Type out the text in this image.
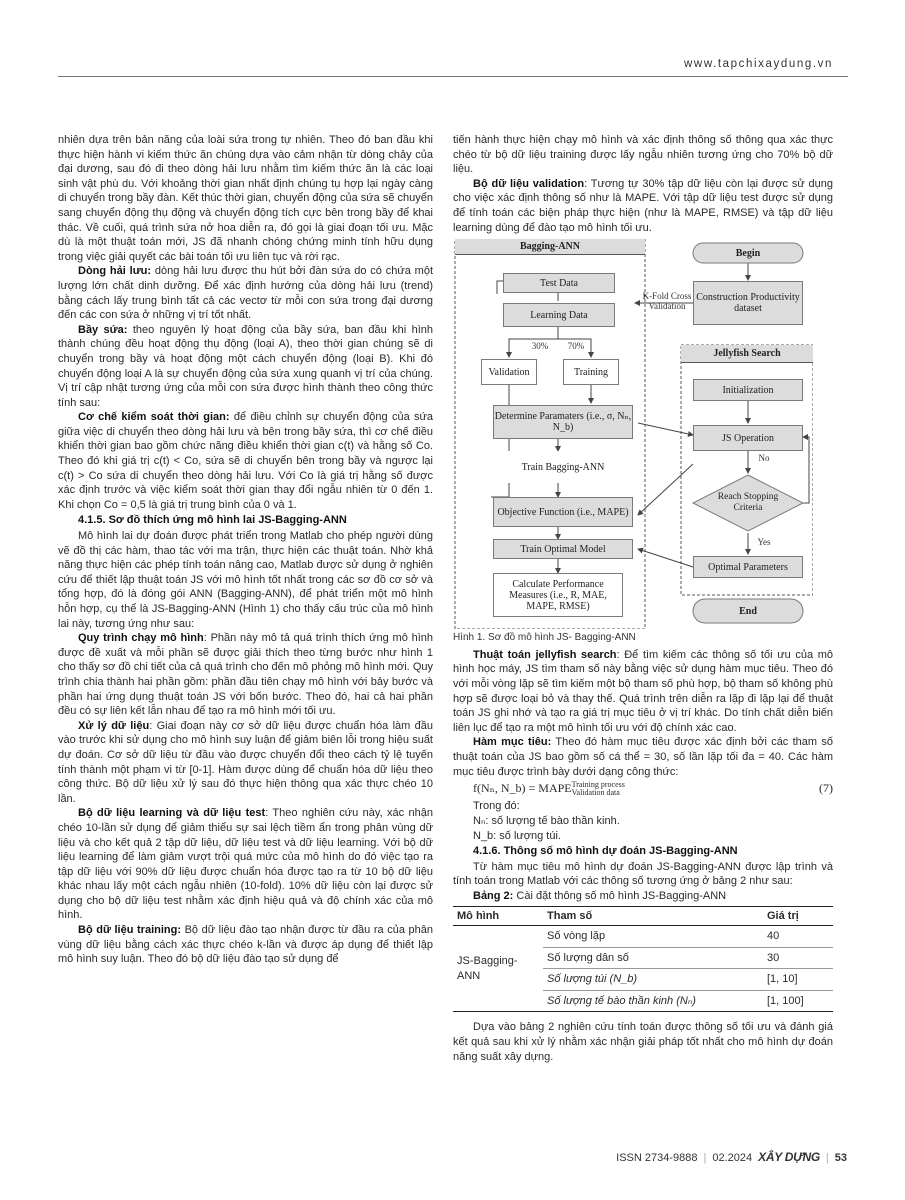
www.tapchixaydung.vn

nhiên dựa trên bản năng của loài sứa trong tự nhiên. Theo đó ban đầu khi thực hiện hành vi kiếm thức ăn chúng dựa vào cảm nhận từ dòng chảy của đại dương, sau đó đi theo dòng hải lưu nhằm tìm kiếm thức ăn là các loại sinh vật phù du. Với khoảng thời gian nhất định chúng tụ hợp lại ngày càng di chuyển trong bầy đàn. Kết thúc thời gian, chuyển động của sứa sẽ chuyển sang chuyển động thụ động và chuyển động tích cực bên trong bầy để khai thác. Về cuối, quá trình sứa nở hoa diễn ra, đó gọi là giai đoạn tối ưu. Mặc dù là một thuật toán mới, JS đã nhanh chóng chứng minh tính hữu dụng trong việc giải quyết các bài toán tối ưu liên tục và rời rạc.

Dòng hải lưu: dòng hải lưu được thu hút bởi đàn sứa do có chứa một lượng lớn chất dinh dưỡng. Để xác định hướng của dòng hải lưu (trend) bằng cách lấy trung bình tất cả các vectơ từ mỗi con sứa trong đại dương đến các con sứa ở những vị trí tốt nhất.

Bầy sứa: theo nguyên lý hoạt động của bầy sứa, ban đầu khi hình thành chúng đều hoạt động thụ động (loại A), theo thời gian chúng sẽ di chuyển trong bầy và hoạt động một cách chuyển động (loại B). Khi đó chuyển động loại A là sự chuyển động của sứa xung quanh vị trí của chúng. Vị trí cập nhật tương ứng của mỗi con sứa được hình thành theo công thức tính sau:

Cơ chế kiểm soát thời gian: để điều chỉnh sự chuyển động của sứa giữa việc di chuyển theo dòng hải lưu và bên trong bầy sứa, thì cơ chế điều khiển thời gian bao gồm chức năng điều khiển thời gian c(t) và hằng số Co. Theo đó khi giá trị c(t) < Co, sứa sẽ di chuyển bên trong bầy và ngược lại c(t) > Co sứa di chuyển theo dòng hải lưu. Với Co là giá trị hằng số được xác định trước và việc kiểm soát thời gian thay đổi ngẫu nhiên từ 0 đến 1. Khi chọn Co = 0,5 là giá trị trung bình của 0 và 1.

4.1.5. Sơ đồ thích ứng mô hình lai JS-Bagging-ANN

Mô hình lai dự đoán được phát triển trong Matlab cho phép người dùng vẽ đồ thị các hàm, thao tác với ma trận, thực hiện các thuật toán. Nhờ khả năng thực hiện các phép tính toán nâng cao, Matlab được sử dụng ở nghiên cứu để thiết lập thuật toán JS với mô hình tốt nhất trong các sơ đồ cơ sở và tổng hợp, đó là đóng gói ANN (Bagging-ANN), để phát triển một mô hình hỗn hợp, cụ thể là JS-Bagging-ANN (Hình 1) cho thấy cấu trúc của mô hình lai này, tương ứng như sau:

Quy trình chạy mô hình: Phần này mô tả quá trình thích ứng mô hình được đề xuất và mỗi phần sẽ được giải thích theo từng bước như hình 1 cho thấy sơ đồ chi tiết của cả quá trình cho đến mô phỏng mô hình mới. Quy trình chia thành hai phần gồm: phần đầu tiên chạy mô hình với bảy bước và phần hai ứng dụng thuật toán JS với bốn bước. Theo đó, hai cả hai phần đều có sự liên kết lẫn nhau để tạo ra mô hình mới tối ưu.

Xử lý dữ liệu: Giai đoạn này cơ sở dữ liệu được chuẩn hóa làm đầu vào trước khi sử dụng cho mô hình suy luận để giảm biên lỗi trong hiệu suất dự đoán. Cơ sở dữ liệu từ đầu vào được chuyển đổi theo cách tỷ lệ tuyến tính thành một phạm vi từ [0-1]. Hàm được dùng để chuẩn hóa dữ liệu theo công thức. Bộ dữ liệu xử lý sau đó thực hiện thông qua xác thực chéo 10 lần.

Bộ dữ liệu learning và dữ liệu test: Theo nghiên cứu này, xác nhận chéo 10-lần sử dụng để giảm thiểu sự sai lệch tiềm ẩn trong phân vùng dữ liệu và cho kết quả 2 tập dữ liệu, dữ liệu test và dữ liệu learning. Với bộ dữ liệu learning để làm giảm vượt trội quá mức của mô hình do đó việc tạo ra tập dữ liệu với 90% dữ liệu được chuẩn hóa được tạo ra từ 10 bộ dữ liệu khác nhau lấy một cách ngẫu nhiên (10-fold). 10% dữ liệu còn lại được sử dụng cho bộ dữ liệu test nhằm xác định hiệu quả và độ chính xác của mô hình.

Bộ dữ liệu training: Bộ dữ liệu đào tạo nhận được từ đầu ra của phân vùng dữ liệu bằng cách xác thực chéo k-lần và được áp dụng để thiết lập mô hình suy luận. Theo đó bộ dữ liệu đào tạo sử dụng để

tiến hành thực hiện chạy mô hình và xác định thông số thông qua xác thực chéo từ bộ dữ liệu training được lấy ngẫu nhiên tương ứng cho 70% bộ dữ liệu.

Bộ dữ liệu validation: Tương tự 30% tập dữ liệu còn lại được sử dụng cho việc xác định thông số như là MAPE. Với tập dữ liệu test được sử dụng để tính toán các biện pháp thực hiện (như là MAPE, RMSE) và tập dữ liệu learning dùng để đào tạo mô hình tối ưu.

Bagging-ANN
Test Data
Learning Data
30%	70%
Validation	Training
Determine Paramaters (i.e., σ, Nₙ, N_b)
Train Bagging-ANN
Objective Function (i.e., MAPE)
Train Optimal Model
Calculate Performance Measures (i.e., R, MAE, MAPE, RMSE)
Begin
Construction Productivity dataset
K-Fold Cross Validation
Jellyfish Search
Initialization
JS Operation
No
Reach Stopping Criteria
Yes
Optimal Parameters
End
Hình 1. Sơ đồ mô hình JS- Bagging-ANN

Thuật toán jellyfish search: Để tìm kiếm các thông số tối ưu của mô hình học máy, JS tìm tham số này bằng việc sử dụng hàm mục tiêu. Theo đó với mỗi vòng lặp sẽ tìm kiếm một bộ tham số phù hợp, bộ tham số không phù hợp sẽ được loại bỏ và thay thế. Quá trình trên diễn ra lặp đi lặp lại để thuật toán JS ghi nhớ và tạo ra giá trị mục tiêu ở vị trí khác. Do tính chất diễn biến liên lục để tạo ra một mô hình tối ưu với độ chính xác cao.

Hàm mục tiêu: Theo đó hàm mục tiêu được xác định bởi các tham số thuật toán của JS bao gồm số cá thể = 30, số lần lặp tối đa = 40. Các hàm mục tiêu được trình bày dưới dạng công thức:

f(Nₙ, N_b) = MAPE Training process
Validation data	(7)

Trong đó:

Nₙ: số lượng tế bào thần kinh.

N_b: số lượng túi.

4.1.6. Thông số mô hình dự đoán JS-Bagging-ANN

Từ hàm mục tiêu mô hình dự đoán JS-Bagging-ANN được lập trình và tính toán trong Matlab với các thông số tương ứng ở bảng 2 như sau:

Bảng 2: Cài đặt thông số mô hình JS-Bagging-ANN

Mô hình	Tham số	Giá trị
JS-Bagging-ANN	Số vòng lặp	40
	Số lượng dân số	30
	Số lượng túi (N_b)	[1, 10]
	Số lượng tế bào thần kinh (Nₙ)	[1, 100]

Dựa vào bảng 2 nghiên cứu tính toán được thông số tối ưu và đánh giá kết quả sau khi xử lý nhằm xác nhận giải pháp tốt nhất cho mô hình dự đoán năng suất xây dựng.

ISSN 2734-9888 | 02.2024 XÂY DỰNG | 53
